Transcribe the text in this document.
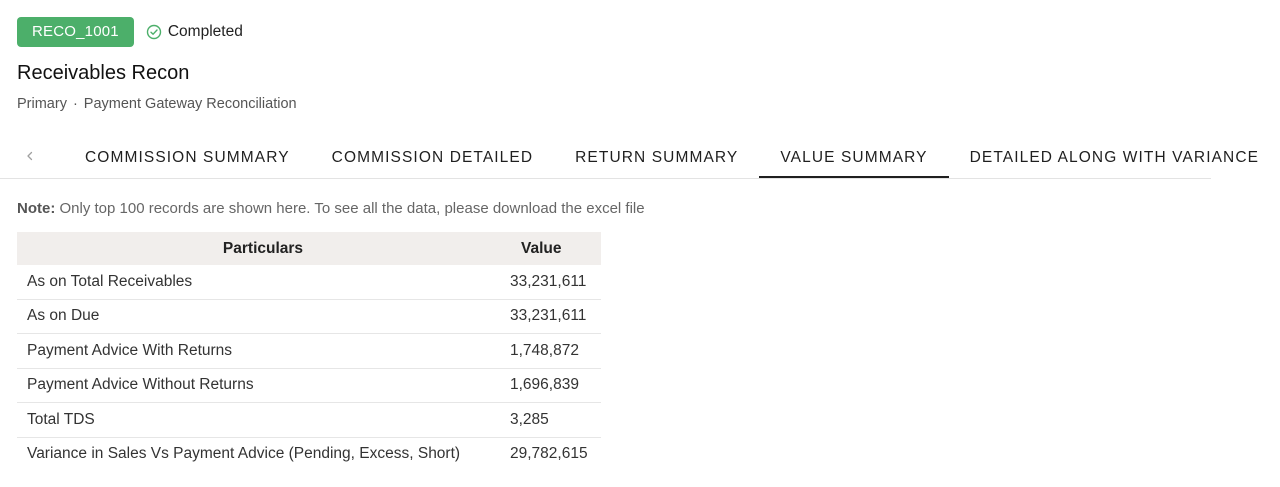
RECO_1001	Completed
Receivables Recon
Primary · Payment Gateway Reconciliation
COMMISSION SUMMARY	COMMISSION DETAILED	RETURN SUMMARY	VALUE SUMMARY	DETAILED ALONG WITH VARIANCE
Note: Only top 100 records are shown here. To see all the data, please download the excel file
Particulars	Value
As on Total Receivables	33,231,611
As on Due	33,231,611
Payment Advice With Returns	1,748,872
Payment Advice Without Returns	1,696,839
Total TDS	3,285
Variance in Sales Vs Payment Advice (Pending, Excess, Short)	29,782,615
